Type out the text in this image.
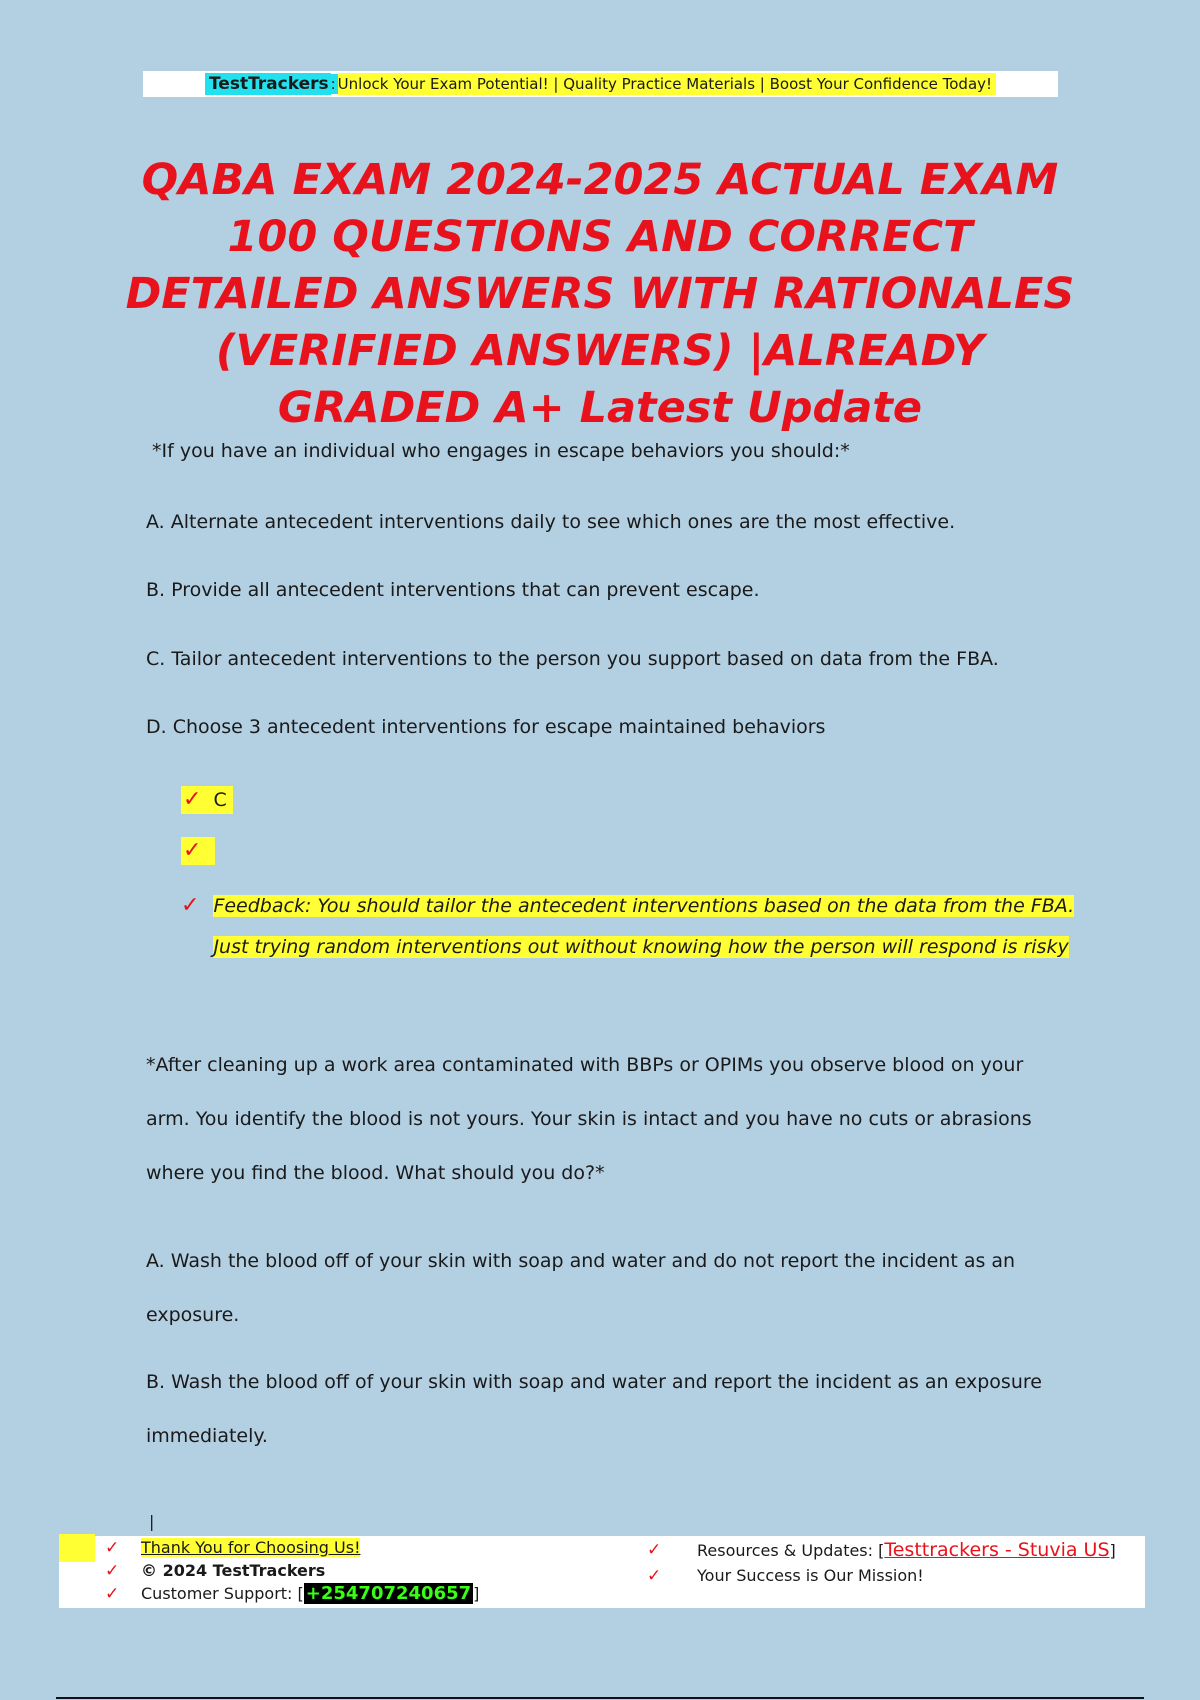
TestTrackers : Unlock Your Exam Potential! | Quality Practice Materials | Boost Your Confidence Today!
QABA EXAM 2024-2025 ACTUAL EXAM 100 QUESTIONS AND CORRECT DETAILED ANSWERS WITH RATIONALES (VERIFIED ANSWERS) |ALREADY GRADED A+ Latest Update
*If you have an individual who engages in escape behaviors you should:*
A. Alternate antecedent interventions daily to see which ones are the most effective.
B. Provide all antecedent interventions that can prevent escape.
C. Tailor antecedent interventions to the person you support based on data from the FBA.
D. Choose 3 antecedent interventions for escape maintained behaviors
✓ C
✓
✓ Feedback: You should tailor the antecedent interventions based on the data from the FBA.
Just trying random interventions out without knowing how the person will respond is risky
*After cleaning up a work area contaminated with BBPs or OPIMs you observe blood on your arm. You identify the blood is not yours. Your skin is intact and you have no cuts or abrasions where you find the blood. What should you do?*
A. Wash the blood off of your skin with soap and water and do not report the incident as an exposure.
B. Wash the blood off of your skin with soap and water and report the incident as an exposure immediately.
|
✓ Thank You for Choosing Us!
✓ © 2024 TestTrackers
✓ Customer Support: [ +254707240657 ]
✓	Resources & Updates: [ Testtrackers - Stuvia US ]
✓	Your Success is Our Mission!
